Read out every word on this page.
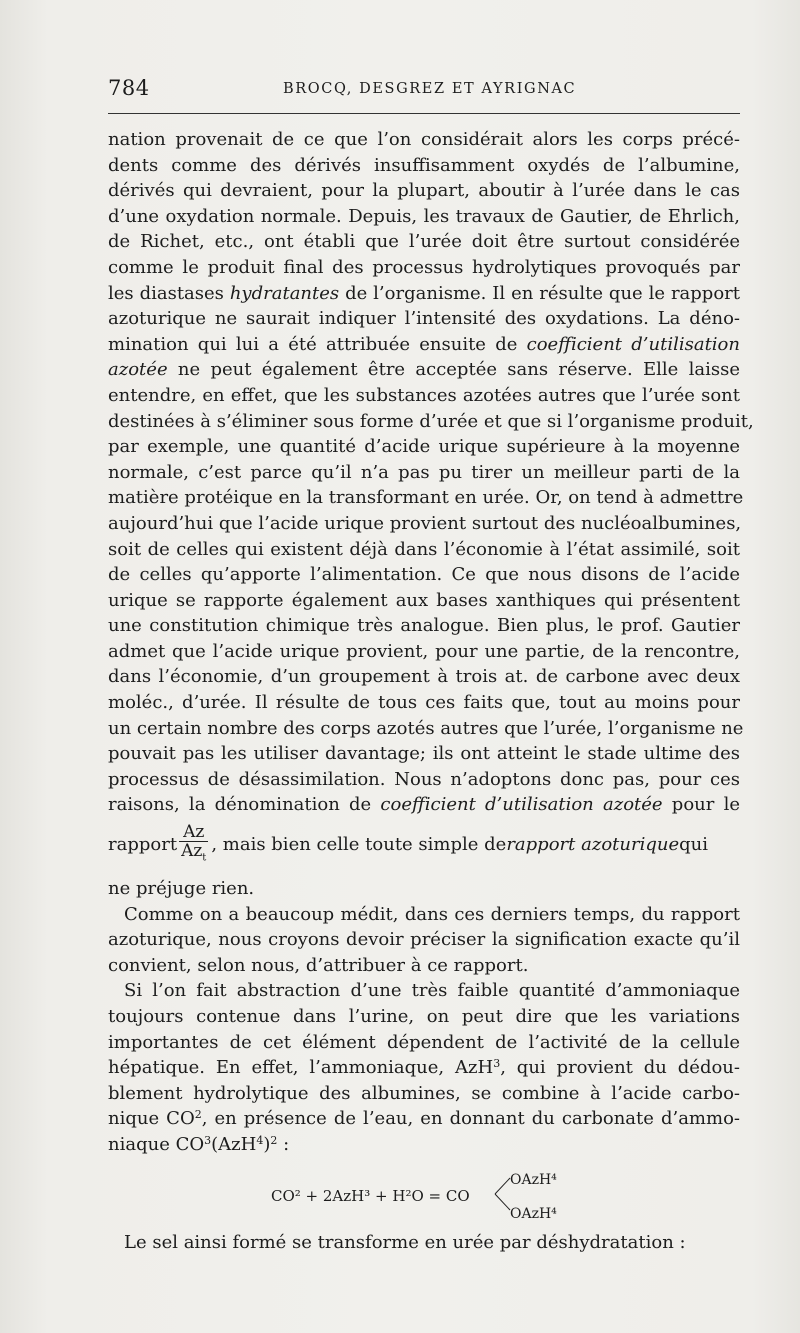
784	BROCQ, DESGREZ ET AYRIGNAC
nation provenait de ce que l’on considérait alors les corps précé-
dents comme des dérivés insuffisamment oxydés de l’albumine,
dérivés qui devraient, pour la plupart, aboutir à l’urée dans le cas
d’une oxydation normale. Depuis, les travaux de Gautier, de Ehrlich,
de Richet, etc., ont établi que l’urée doit être surtout considérée
comme le produit final des processus hydrolytiques provoqués par
les diastases hydratantes de l’organisme. Il en résulte que le rapport
azoturique ne saurait indiquer l’intensité des oxydations. La déno-
mination qui lui a été attribuée ensuite de coefficient d’utilisation
azotée ne peut également être acceptée sans réserve. Elle laisse
entendre, en effet, que les substances azotées autres que l’urée sont
destinées à s’éliminer sous forme d’urée et que si l’organisme produit,
par exemple, une quantité d’acide urique supérieure à la moyenne
normale, c’est parce qu’il n’a pas pu tirer un meilleur parti de la
matière protéique en la transformant en urée. Or, on tend à admettre
aujourd’hui que l’acide urique provient surtout des nucléoalbumines,
soit de celles qui existent déjà dans l’économie à l’état assimilé, soit
de celles qu’apporte l’alimentation. Ce que nous disons de l’acide
urique se rapporte également aux bases xanthiques qui présentent
une constitution chimique très analogue. Bien plus, le prof. Gautier
admet que l’acide urique provient, pour une partie, de la rencontre,
dans l’économie, d’un groupement à trois at. de carbone avec deux
moléc., d’urée. Il résulte de tous ces faits que, tout au moins pour
un certain nombre des corps azotés autres que l’urée, l’organisme ne
pouvait pas les utiliser davantage; ils ont atteint le stade ultime des
processus de désassimilation. Nous n’adoptons donc pas, pour ces
raisons, la dénomination de coefficient d’utilisation azotée pour le
rapport $\frac{Az}{Az_t}$ , mais bien celle toute simple de rapport azoturique qui
ne préjuge rien.
Comme on a beaucoup médit, dans ces derniers temps, du rapport
azoturique, nous croyons devoir préciser la signification exacte qu’il
convient, selon nous, d’attribuer à ce rapport.
Si l’on fait abstraction d’une très faible quantité d’ammoniaque
toujours contenue dans l’urine, on peut dire que les variations
importantes de cet élément dépendent de l’activité de la cellule
hépatique. En effet, l’ammoniaque, AzH$^3$, qui provient du dédou-
blement hydrolytique des albumines, se combine à l’acide carbo-
nique $CO^2$, en présence de l’eau, en donnant du carbonate d’ammo-
niaque $CO^3(AzH^4)^2$ :
CO² + 2AzH³ + H²O = CO
OAzH⁴
OAzH⁴
Le sel ainsi formé se transforme en urée par déshydratation :
